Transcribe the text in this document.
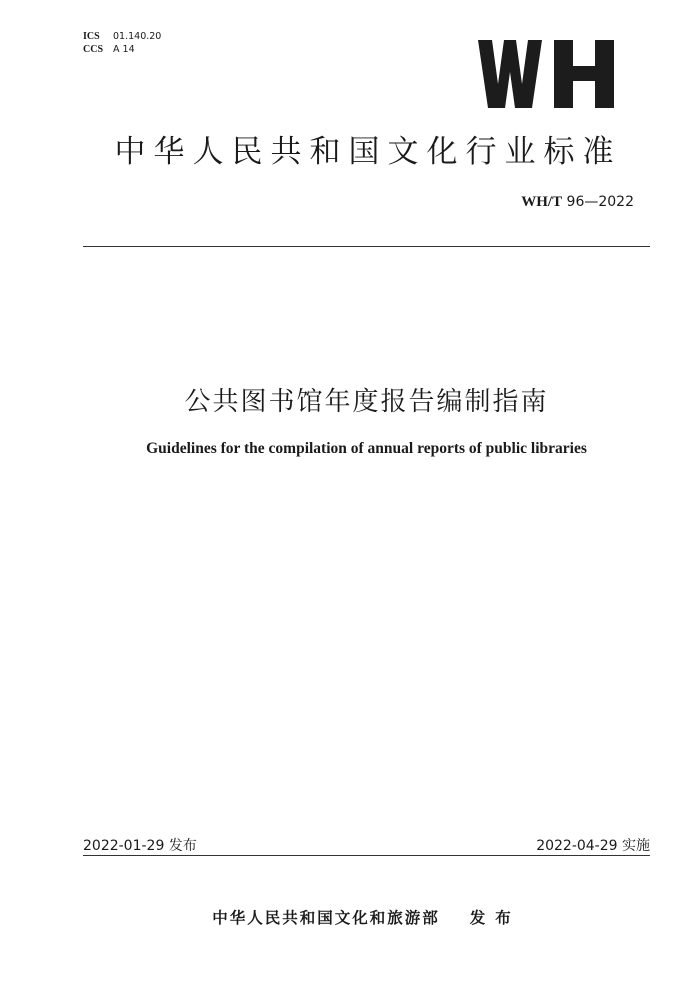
ICS 01.140.20
CCS A 14
中华人民共和国文化行业标准
WH/T 96—2022
公共图书馆年度报告编制指南
Guidelines for the compilation of annual reports of public libraries
2022-01-29 发布	2022-04-29 实施
中华人民共和国文化和旅游部 发布
